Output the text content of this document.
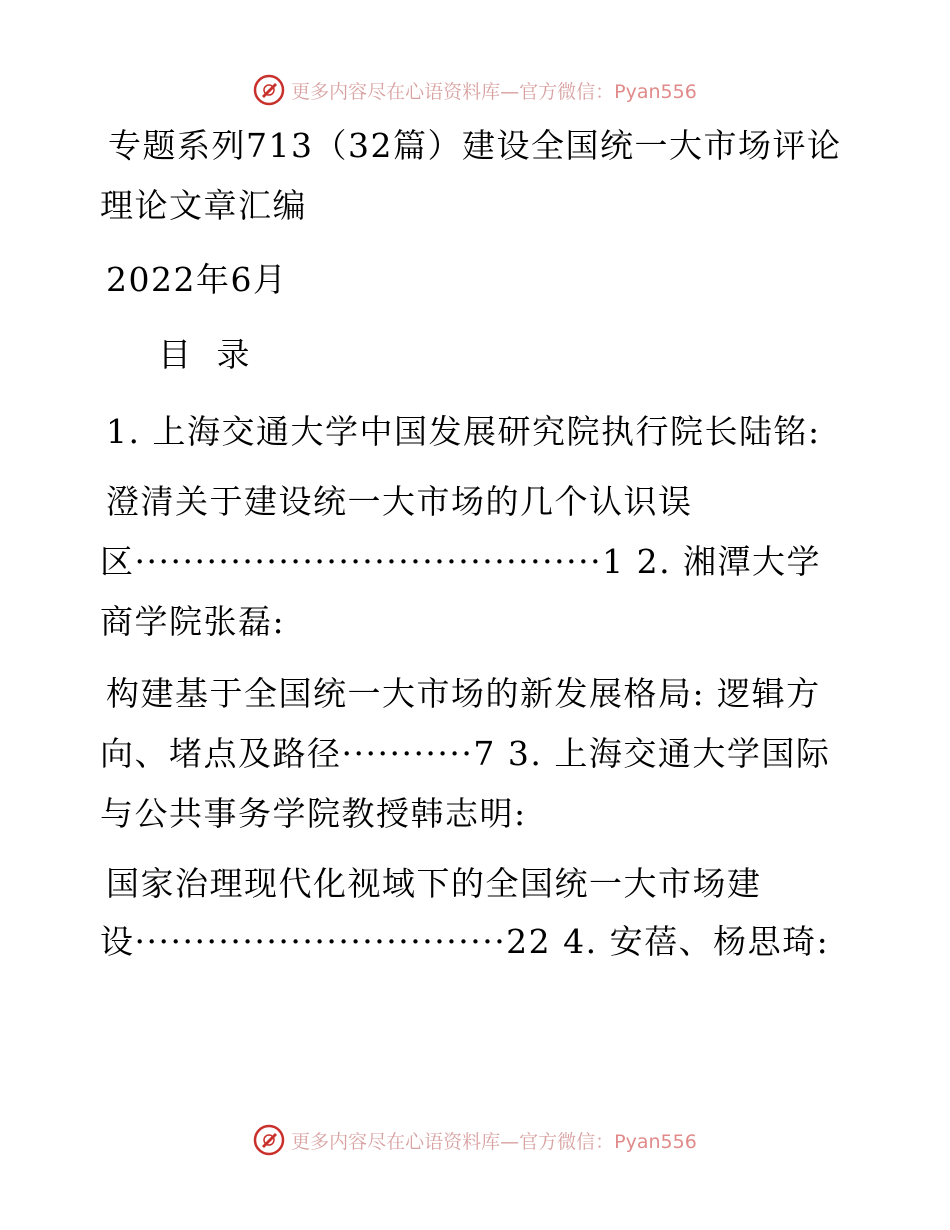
更多内容尽在心语资料库—官方微信：Pyan556
专题系列713（32篇）建设全国统一大市场评论
理论文章汇编
2022年6月
目  录
1. 上海交通大学中国发展研究院执行院长陆铭:
澄清关于建设统一大市场的几个认识误
区·······································1 2. 湘潭大学
商学院张磊:
构建基于全国统一大市场的新发展格局: 逻辑方
向、堵点及路径···········7 3. 上海交通大学国际
与公共事务学院教授韩志明:
国家治理现代化视域下的全国统一大市场建
设·······························22 4. 安蓓、杨思琦:
更多内容尽在心语资料库—官方微信：Pyan556
